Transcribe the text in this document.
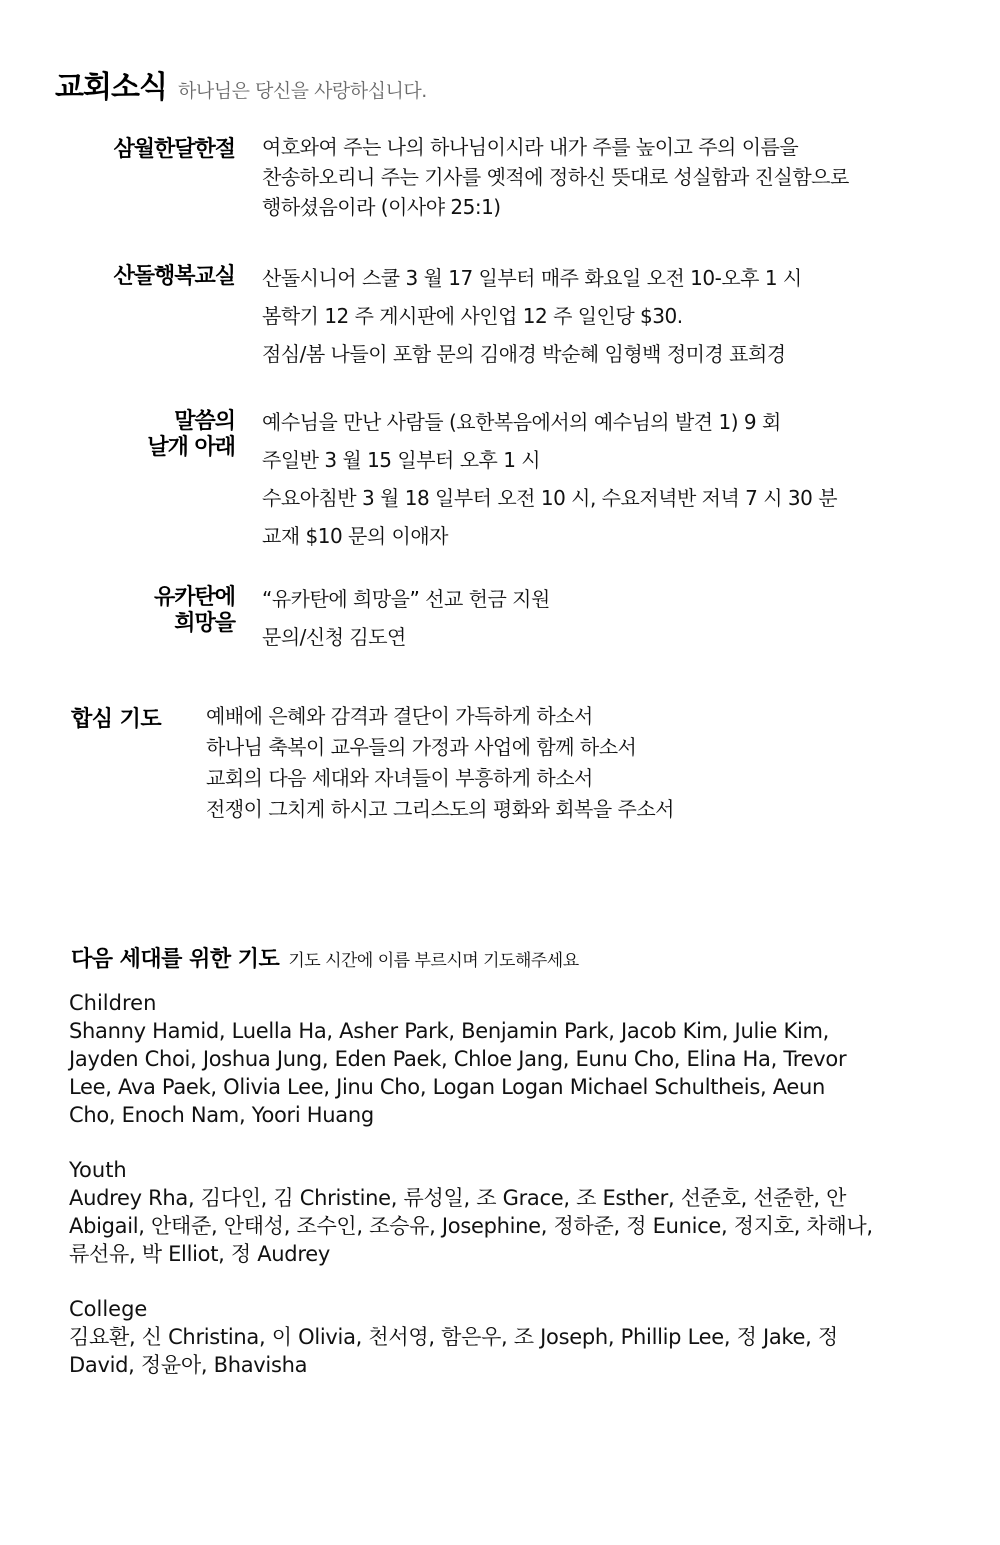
교회소식 하나님은 당신을 사랑하십니다.
삼월한달한절 여호와여 주는 나의 하나님이시라 내가 주를 높이고 주의 이름을
찬송하오리니 주는 기사를 옛적에 정하신 뜻대로 성실함과 진실함으로
행하셨음이라 (이사야 25:1)
산돌행복교실 산돌시니어 스쿨 3 월 17 일부터 매주 화요일 오전 10-오후 1 시
봄학기 12 주 게시판에 사인업 12 주 일인당 $30.
점심/봄 나들이 포함 문의 김애경 박순혜 임형백 정미경 표희경
말씀의
날개 아래
예수님을 만난 사람들 (요한복음에서의 예수님의 발견 1) 9 회
주일반 3 월 15 일부터 오후 1 시
수요아침반 3 월 18 일부터 오전 10 시, 수요저녁반 저녁 7 시 30 분
교재 $10 문의 이애자
유카탄에
희망을
“유카탄에 희망을” 선교 헌금 지원
문의/신청 김도연
합심 기도 예배에 은혜와 감격과 결단이 가득하게 하소서
하나님 축복이 교우들의 가정과 사업에 함께 하소서
교회의 다음 세대와 자녀들이 부흥하게 하소서
전쟁이 그치게 하시고 그리스도의 평화와 회복을 주소서
다음 세대를 위한 기도 기도 시간에 이름 부르시며 기도해주세요
Children
Shanny Hamid, Luella Ha, Asher Park, Benjamin Park, Jacob Kim, Julie Kim,
Jayden Choi, Joshua Jung, Eden Paek, Chloe Jang, Eunu Cho, Elina Ha, Trevor
Lee, Ava Paek, Olivia Lee, Jinu Cho, Logan Logan Michael Schultheis, Aeun
Cho, Enoch Nam, Yoori Huang
Youth
Audrey Rha, 김다인, 김 Christine, 류성일, 조 Grace, 조 Esther, 선준호, 선준한, 안
Abigail, 안태준, 안태성, 조수인, 조승유, Josephine, 정하준, 정 Eunice, 정지호, 차해나,
류선유, 박 Elliot, 정 Audrey
College
김요환, 신 Christina, 이 Olivia, 천서영, 함은우, 조 Joseph, Phillip Lee, 정 Jake, 정
David, 정윤아, Bhavisha
